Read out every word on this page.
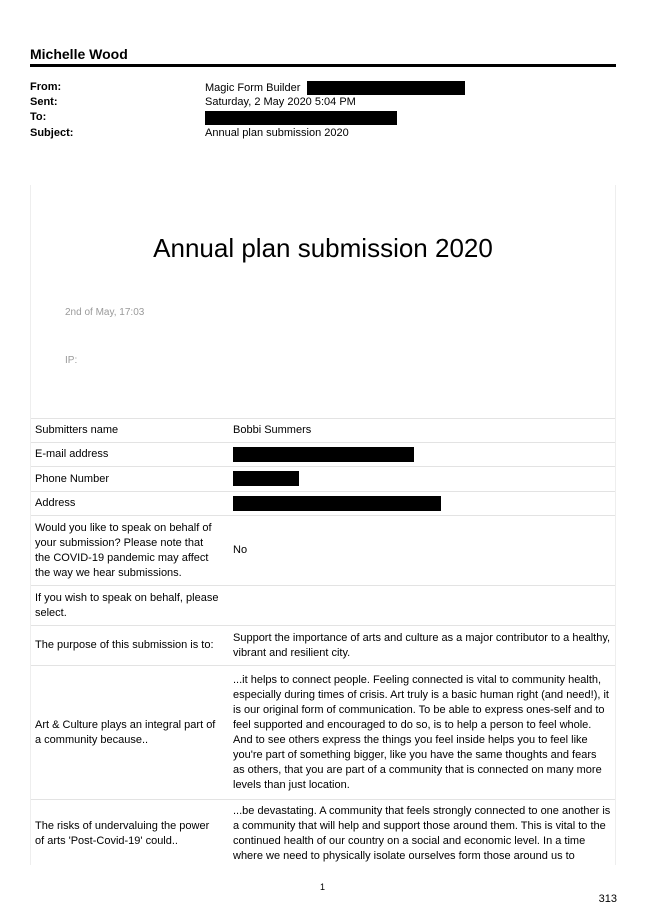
Michelle Wood
From:	Magic Form Builder
Sent:	Saturday, 2 May 2020 5:04 PM
To:
Subject:	Annual plan submission 2020
Annual plan submission 2020
2nd of May, 17:03
IP:
Submitters name	Bobbi Summers
E-mail address	
Phone Number	
Address	
Would you like to speak on behalf of your submission? Please note that the COVID-19 pandemic may affect the way we hear submissions.	No
If you wish to speak on behalf, please select.	
The purpose of this submission is to:	Support the importance of arts and culture as a major contributor to a healthy, vibrant and resilient city.
Art & Culture plays an integral part of a community because..	...it helps to connect people. Feeling connected is vital to community health, especially during times of crisis. Art truly is a basic human right (and need!), it is our original form of communication. To be able to express ones-self and to feel supported and encouraged to do so, is to help a person to feel whole. And to see others express the things you feel inside helps you to feel like you're part of something bigger, like you have the same thoughts and fears as others, that you are part of a community that is connected on many more levels than just location.
The risks of undervaluing the power of arts 'Post-Covid-19' could..	...be devastating. A community that feels strongly connected to one another is a community that will help and support those around them. This is vital to the continued health of our country on a social and economic level. In a time where we need to physically isolate ourselves form those around us to
1
313
